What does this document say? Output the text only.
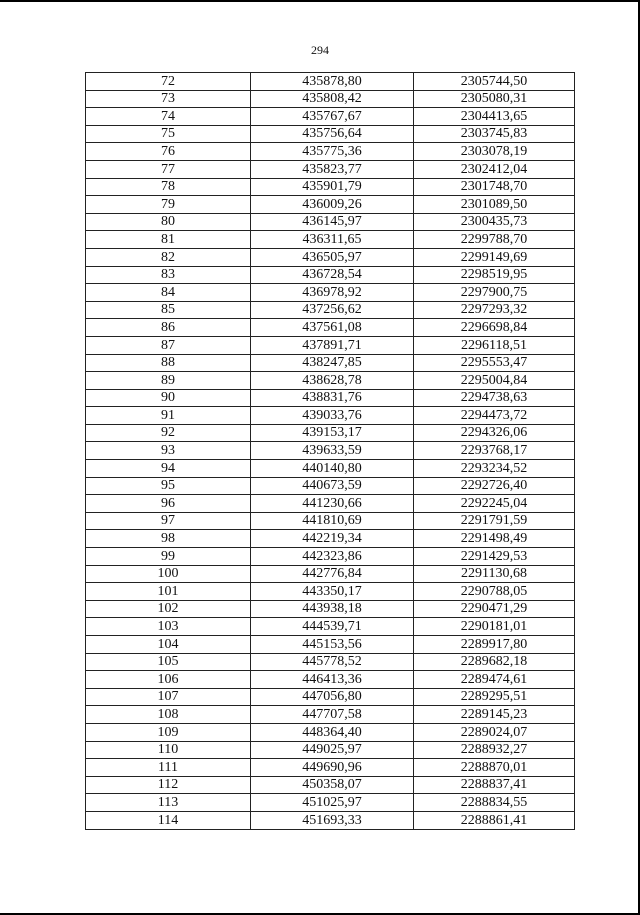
294
72	435878,80	2305744,50
73	435808,42	2305080,31
74	435767,67	2304413,65
75	435756,64	2303745,83
76	435775,36	2303078,19
77	435823,77	2302412,04
78	435901,79	2301748,70
79	436009,26	2301089,50
80	436145,97	2300435,73
81	436311,65	2299788,70
82	436505,97	2299149,69
83	436728,54	2298519,95
84	436978,92	2297900,75
85	437256,62	2297293,32
86	437561,08	2296698,84
87	437891,71	2296118,51
88	438247,85	2295553,47
89	438628,78	2295004,84
90	438831,76	2294738,63
91	439033,76	2294473,72
92	439153,17	2294326,06
93	439633,59	2293768,17
94	440140,80	2293234,52
95	440673,59	2292726,40
96	441230,66	2292245,04
97	441810,69	2291791,59
98	442219,34	2291498,49
99	442323,86	2291429,53
100	442776,84	2291130,68
101	443350,17	2290788,05
102	443938,18	2290471,29
103	444539,71	2290181,01
104	445153,56	2289917,80
105	445778,52	2289682,18
106	446413,36	2289474,61
107	447056,80	2289295,51
108	447707,58	2289145,23
109	448364,40	2289024,07
110	449025,97	2288932,27
111	449690,96	2288870,01
112	450358,07	2288837,41
113	451025,97	2288834,55
114	451693,33	2288861,41
